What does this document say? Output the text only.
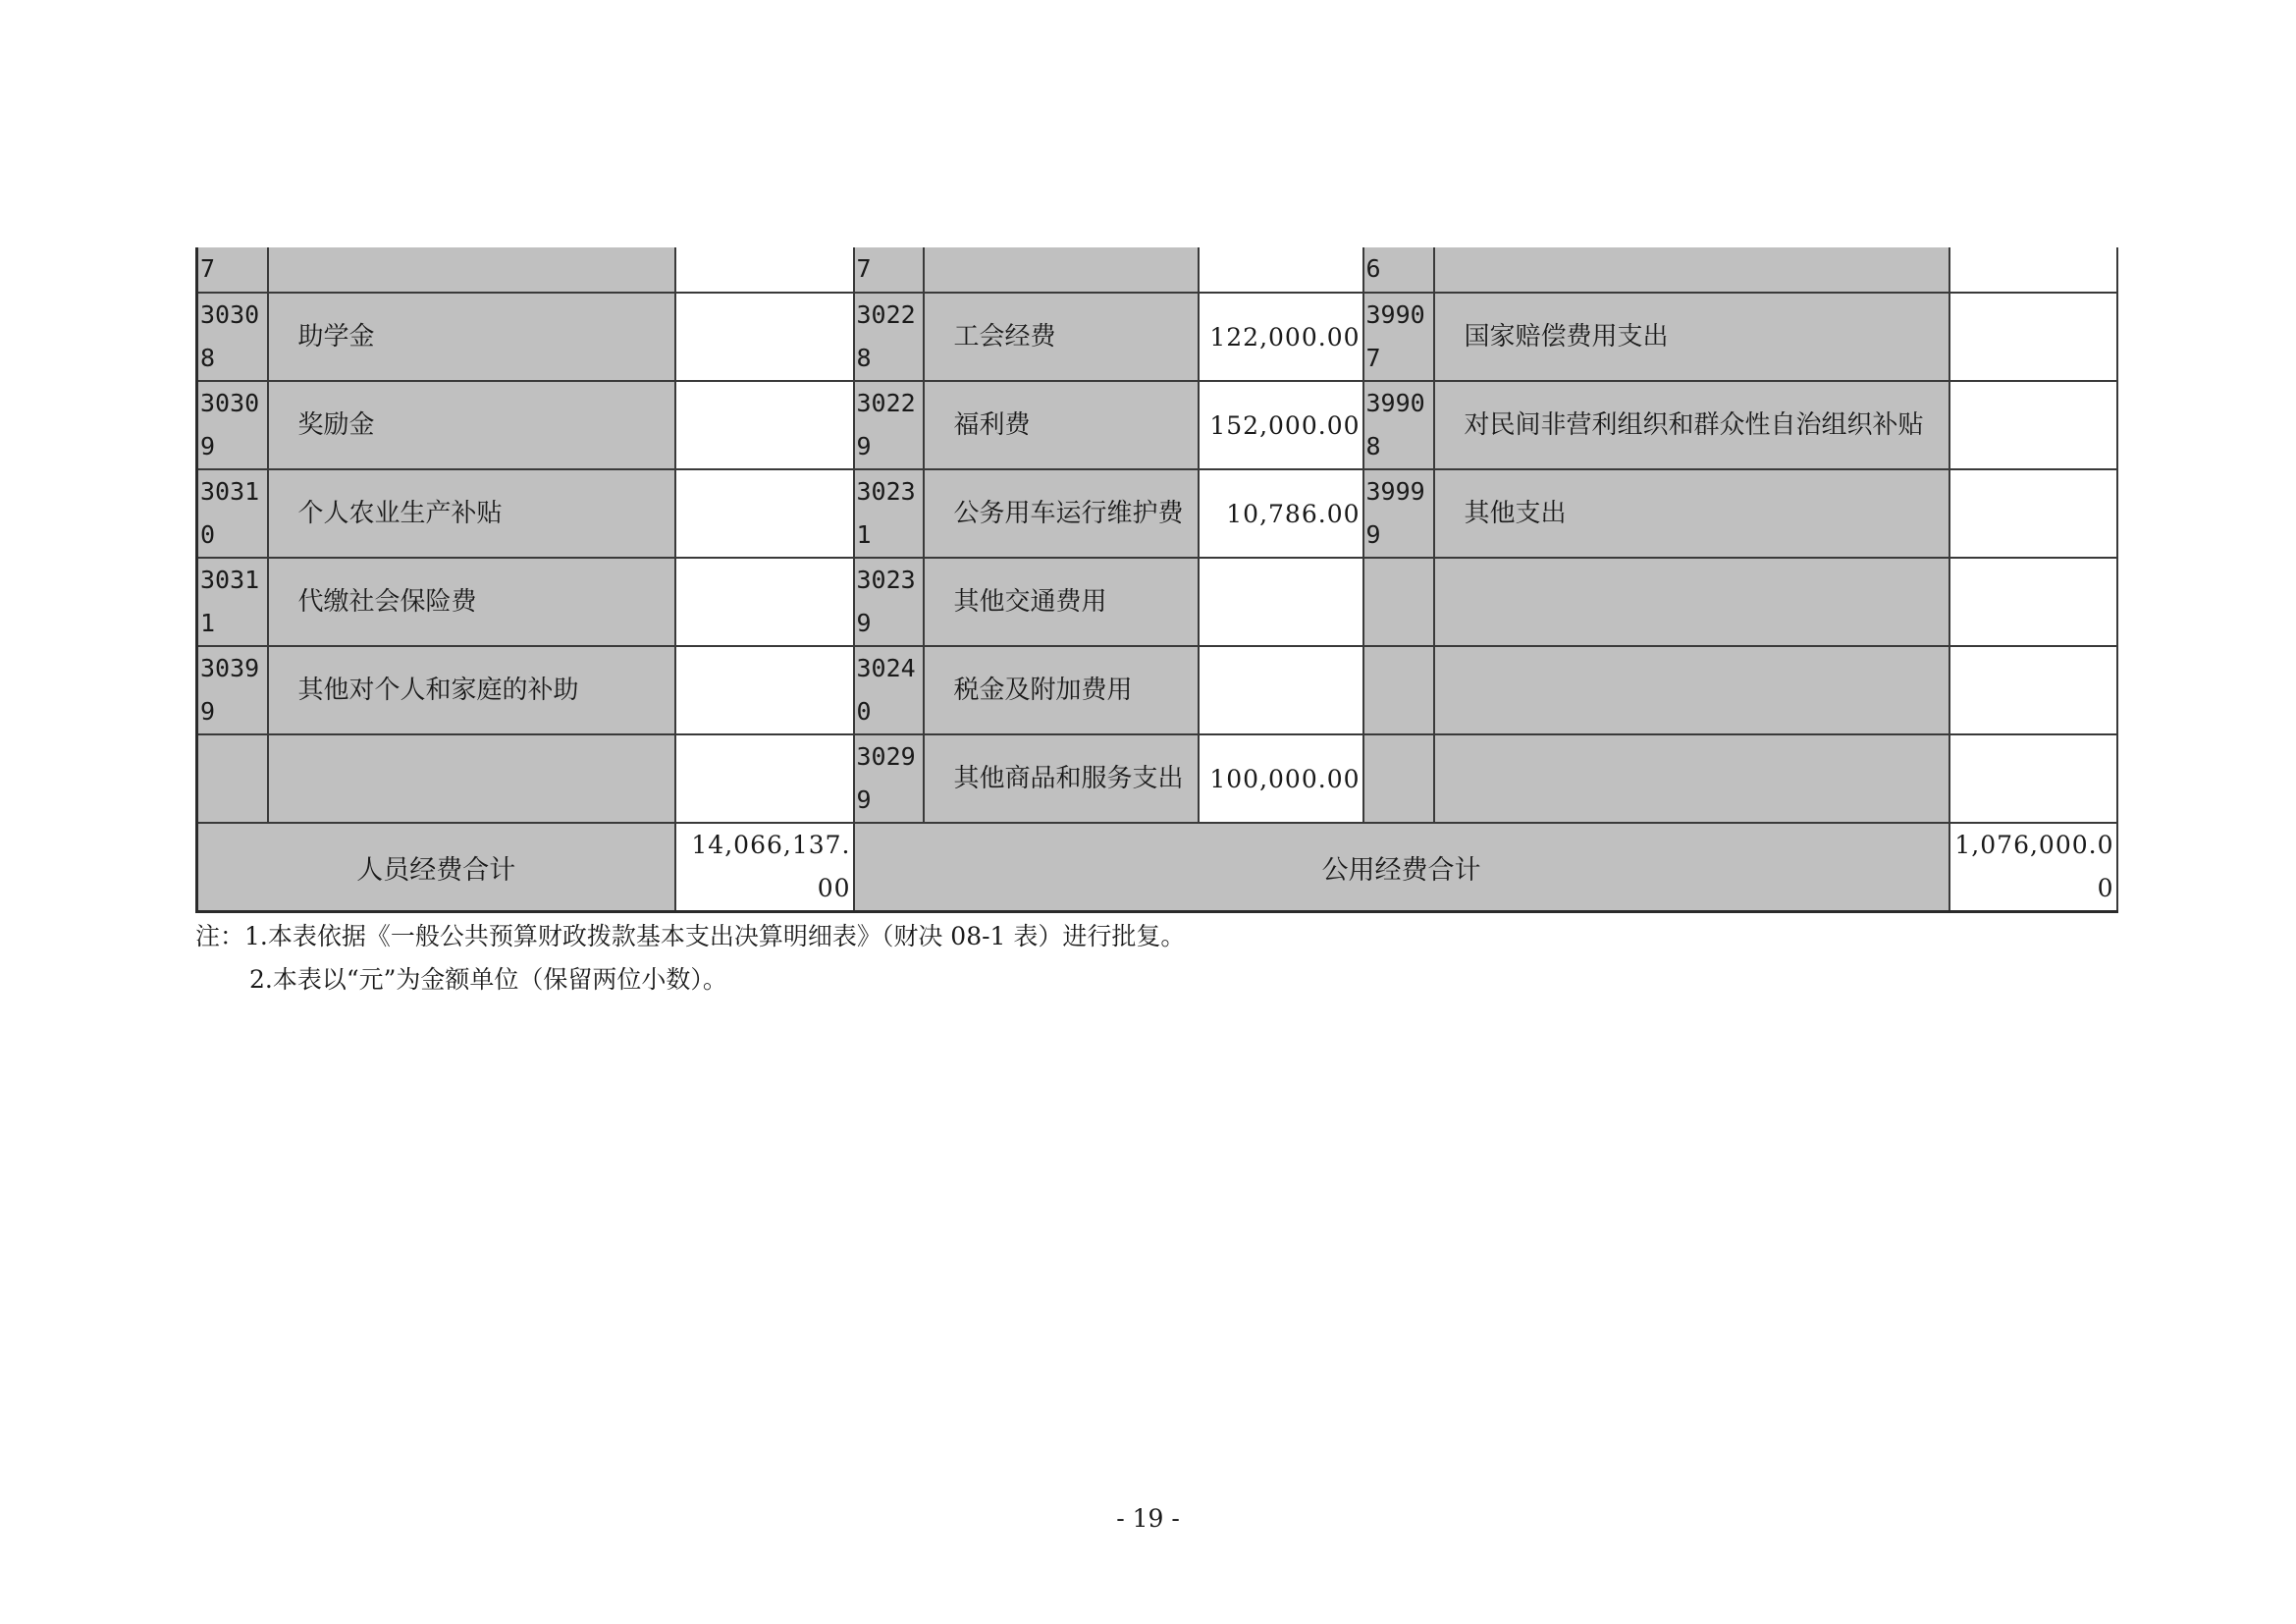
7			7			6		
30308	助学金		30228	工会经费	122,000.00	39907	国家赔偿费用支出	
30309	奖励金		30229	福利费	152,000.00	39908	对民间非营利组织和群众性自治组织补贴	

30310	个人农业生产补贴		30231	公务用车运行维护费	10,786.00	39999	其他支出	
30311	代缴社会保险费		30239	其他交通费用				
30399	其他对个人和家庭的补助		30240	税金及附加费用				
			30299	其他商品和服务支出	100,000.00			
人员经费合计		14,066,137.00	公用经费合计					1,076,000.00
注：1.本表依据《一般公共预算财政拨款基本支出决算明细表》（财决 08-1 表）进行批复。
2.本表以“元”为金额单位（保留两位小数）。
- 19 -
